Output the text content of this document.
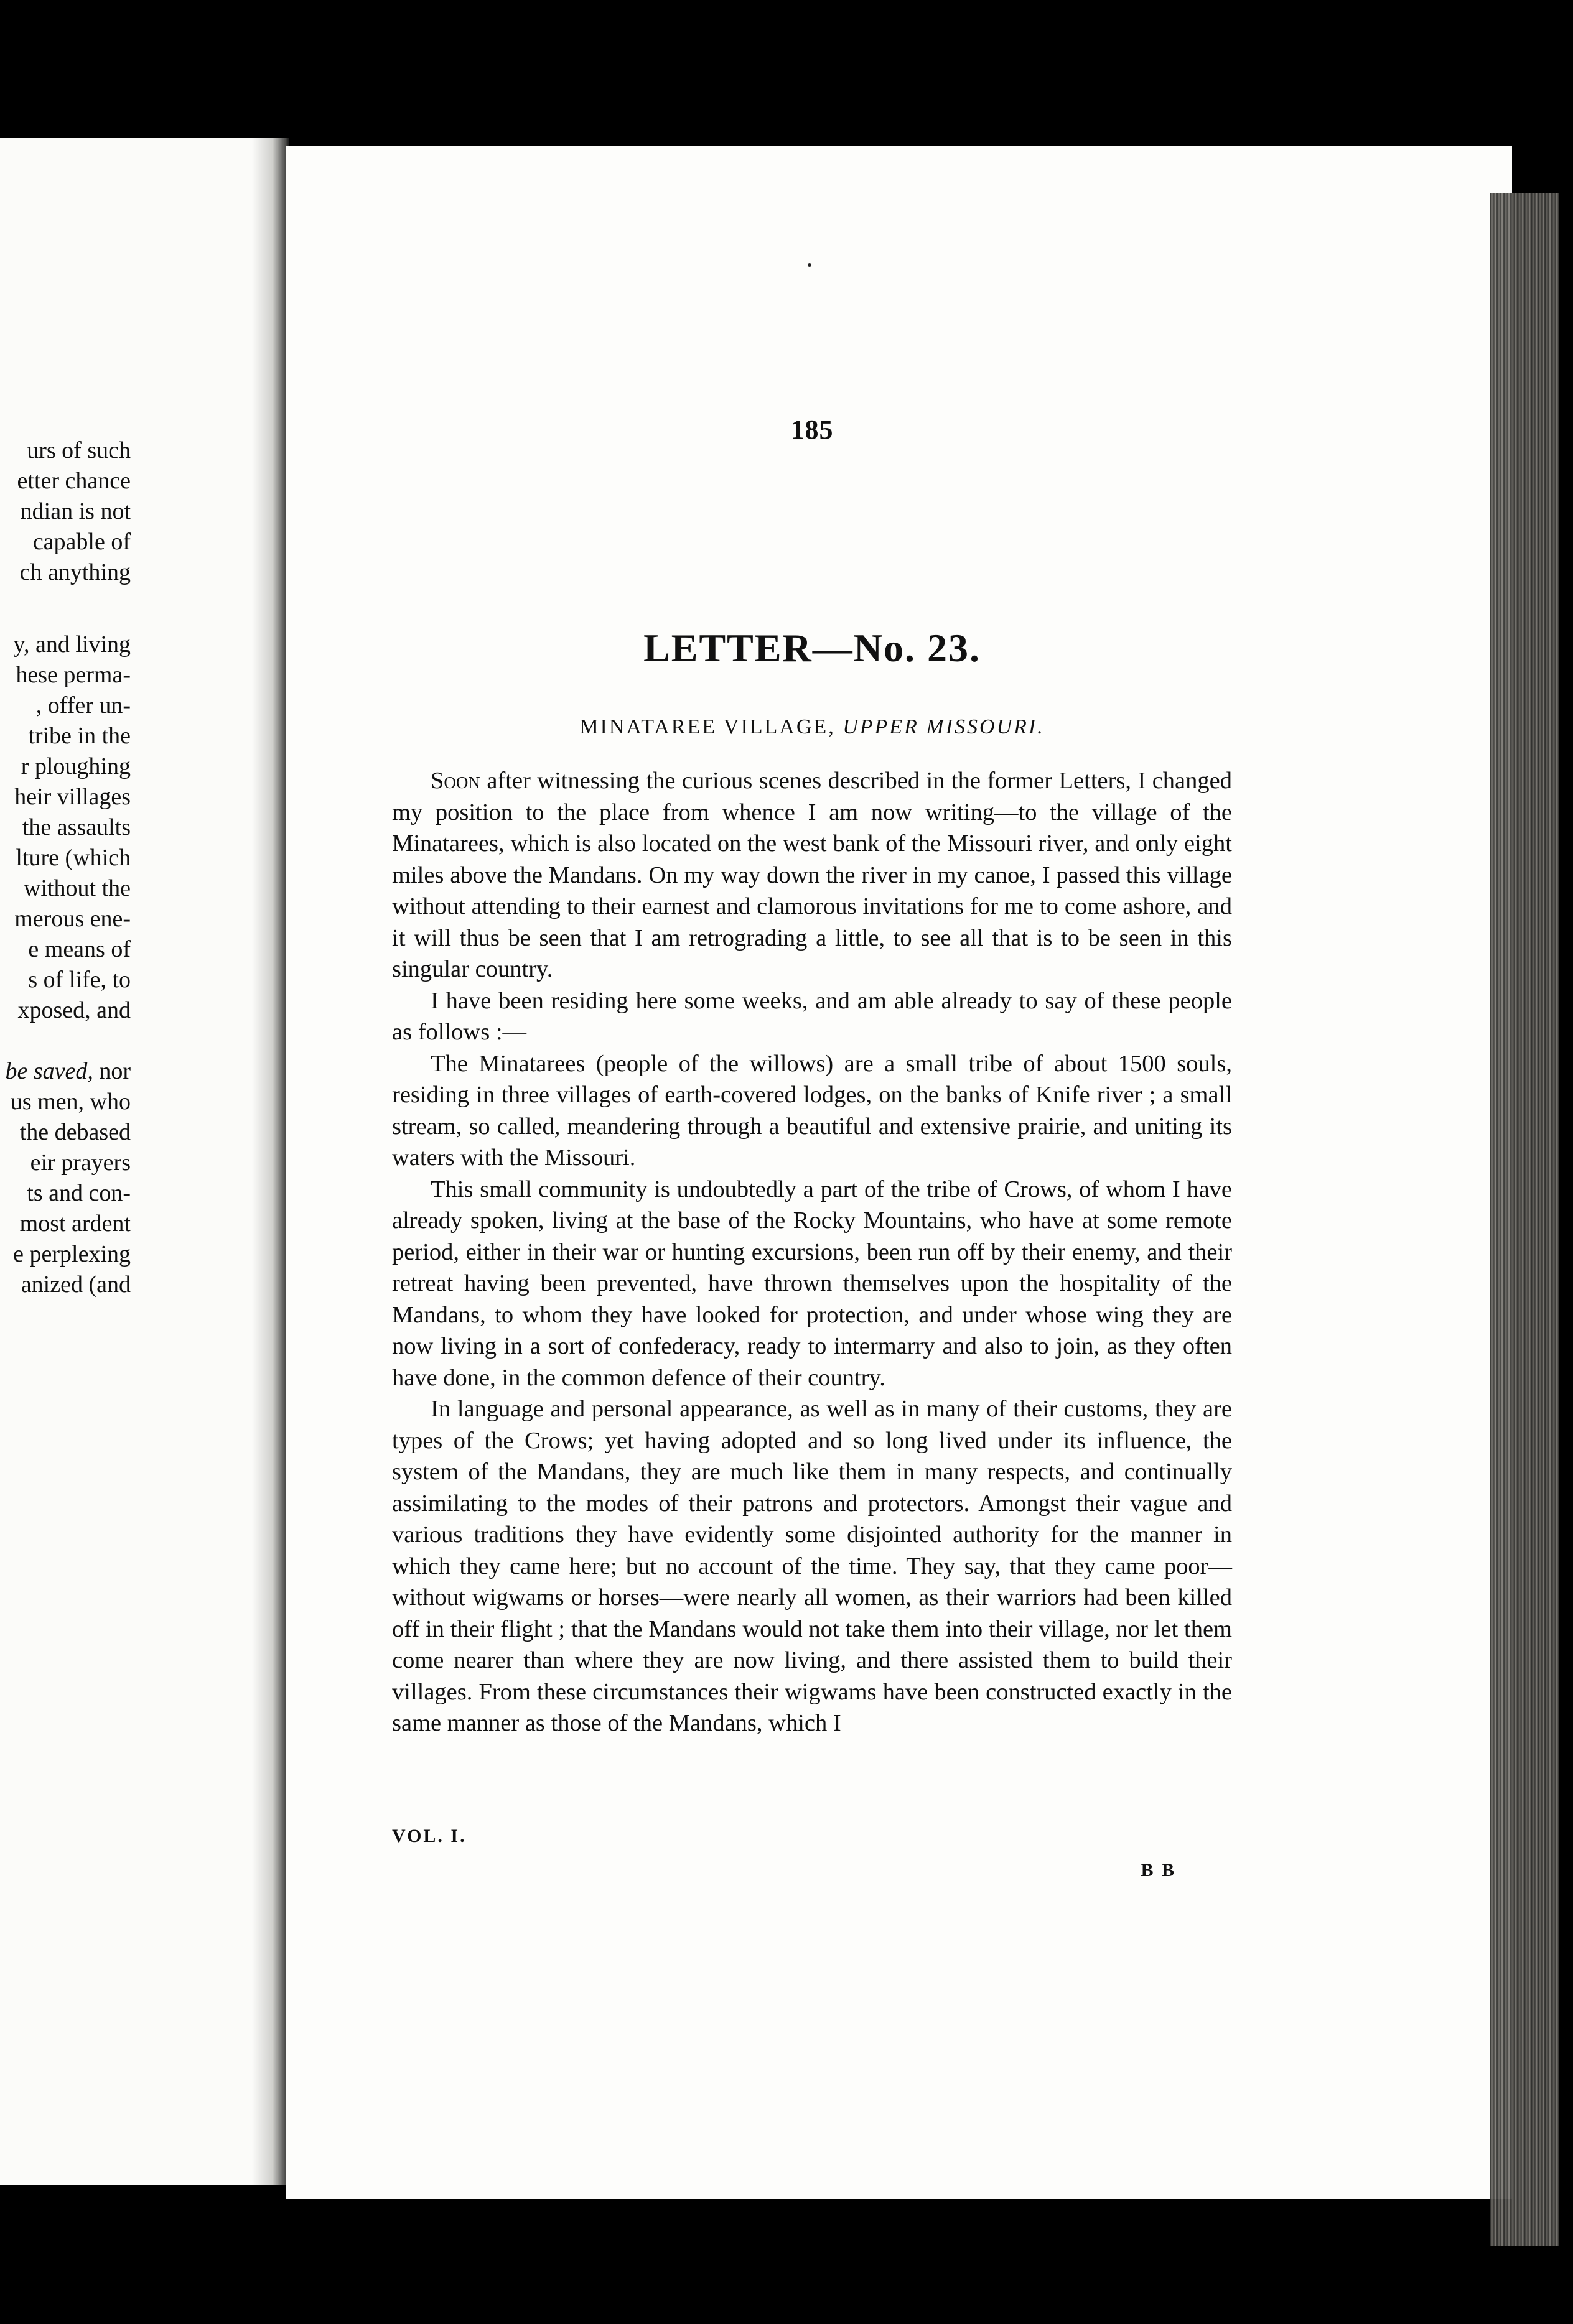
urs of such
etter chance
ndian is not
capable of
ch anything
y, and living
hese perma-
, offer un-
tribe in the
r ploughing
heir villages
the assaults
lture (which
without the
merous ene-
e means of
s of life, to
xposed, and
be saved, nor
us men, who
the debased
eir prayers
ts and con-
most ardent
e perplexing
anized (and
185
LETTER—No. 23.
MINATAREE VILLAGE, UPPER MISSOURI.

Soon after witnessing the curious scenes described in the former Letters, I changed my position to the place from whence I am now writing—to the village of the Minatarees, which is also located on the west bank of the Missouri river, and only eight miles above the Mandans. On my way down the river in my canoe, I passed this village without attending to their earnest and clamorous invitations for me to come ashore, and it will thus be seen that I am retrograding a little, to see all that is to be seen in this singular country.

I have been residing here some weeks, and am able already to say of these people as follows :—

The Minatarees (people of the willows) are a small tribe of about 1500 souls, residing in three villages of earth-covered lodges, on the banks of Knife river ; a small stream, so called, meandering through a beautiful and extensive prairie, and uniting its waters with the Missouri.

This small community is undoubtedly a part of the tribe of Crows, of whom I have already spoken, living at the base of the Rocky Mountains, who have at some remote period, either in their war or hunting excursions, been run off by their enemy, and their retreat having been prevented, have thrown themselves upon the hospitality of the Mandans, to whom they have looked for protection, and under whose wing they are now living in a sort of confederacy, ready to intermarry and also to join, as they often have done, in the common defence of their country.

In language and personal appearance, as well as in many of their customs, they are types of the Crows; yet having adopted and so long lived under its influence, the system of the Mandans, they are much like them in many respects, and continually assimilating to the modes of their patrons and protectors. Amongst their vague and various traditions they have evidently some disjointed authority for the manner in which they came here; but no account of the time. They say, that they came poor—without wigwams or horses—were nearly all women, as their warriors had been killed off in their flight ; that the Mandans would not take them into their village, nor let them come nearer than where they are now living, and there assisted them to build their villages. From these circumstances their wigwams have been constructed exactly in the same manner as those of the Mandans, which I

VOL. I.
B B
